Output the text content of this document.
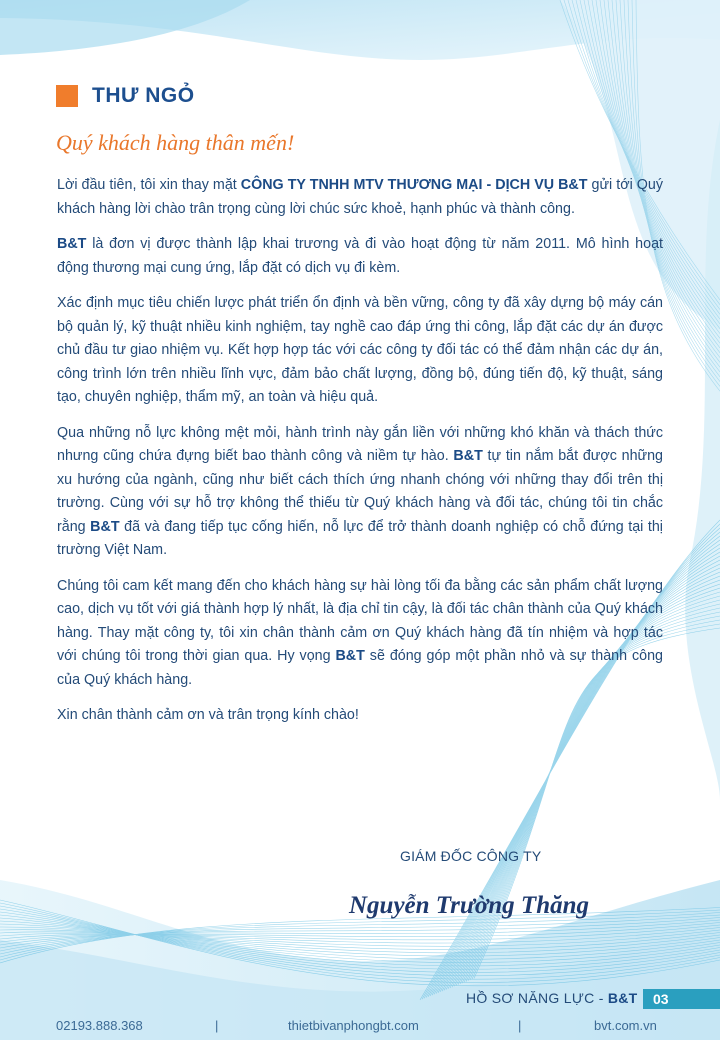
THƯ NGỎ
Quý khách hàng thân mến!

Lời đầu tiên, tôi xin thay mặt CÔNG TY TNHH MTV THƯƠNG MẠI - DỊCH VỤ B&T gửi tới Quý khách hàng lời chào trân trọng cùng lời chúc sức khoẻ, hạnh phúc và thành công.

B&T là đơn vị được thành lập khai trương và đi vào hoạt động từ năm 2011. Mô hình hoạt động thương mại cung ứng, lắp đặt có dịch vụ đi kèm.

Xác định mục tiêu chiến lược phát triển ổn định và bền vững, công ty đã xây dựng bộ máy cán bộ quản lý, kỹ thuật nhiều kinh nghiệm, tay nghề cao đáp ứng thi công, lắp đặt các dự án được chủ đầu tư giao nhiệm vụ. Kết hợp hợp tác với các công ty đối tác có thể đảm nhận các dự án, công trình lớn trên nhiều lĩnh vực, đảm bảo chất lượng, đồng bộ, đúng tiến độ, kỹ thuật, sáng tạo, chuyên nghiệp, thẩm mỹ, an toàn và hiệu quả.

Qua những nỗ lực không mệt mỏi, hành trình này gắn liền với những khó khăn và thách thức nhưng cũng chứa đựng biết bao thành công và niềm tự hào. B&T tự tin nắm bắt được những xu hướng của ngành, cũng như biết cách thích ứng nhanh chóng với những thay đổi trên thị trường. Cùng với sự hỗ trợ không thể thiếu từ Quý khách hàng và đối tác, chúng tôi tin chắc rằng B&T đã và đang tiếp tục cống hiến, nỗ lực để trở thành doanh nghiệp có chỗ đứng tại thị trường Việt Nam.

Chúng tôi cam kết mang đến cho khách hàng sự hài lòng tối đa bằng các sản phẩm chất lượng cao, dịch vụ tốt với giá thành hợp lý nhất, là địa chỉ tin cậy, là đối tác chân thành của Quý khách hàng. Thay mặt công ty, tôi xin chân thành cảm ơn Quý khách hàng đã tín nhiệm và hợp tác với chúng tôi trong thời gian qua. Hy vọng B&T sẽ đóng góp một phần nhỏ và sự thành công của Quý khách hàng.

Xin chân thành cảm ơn và trân trọng kính chào!

GIÁM ĐỐC CÔNG TY
Nguyễn Trường Thăng
HỒ SƠ NĂNG LỰC - B&T	03
02193.888.368	|	thietbivanphongbt.com	|	bvt.com.vn
